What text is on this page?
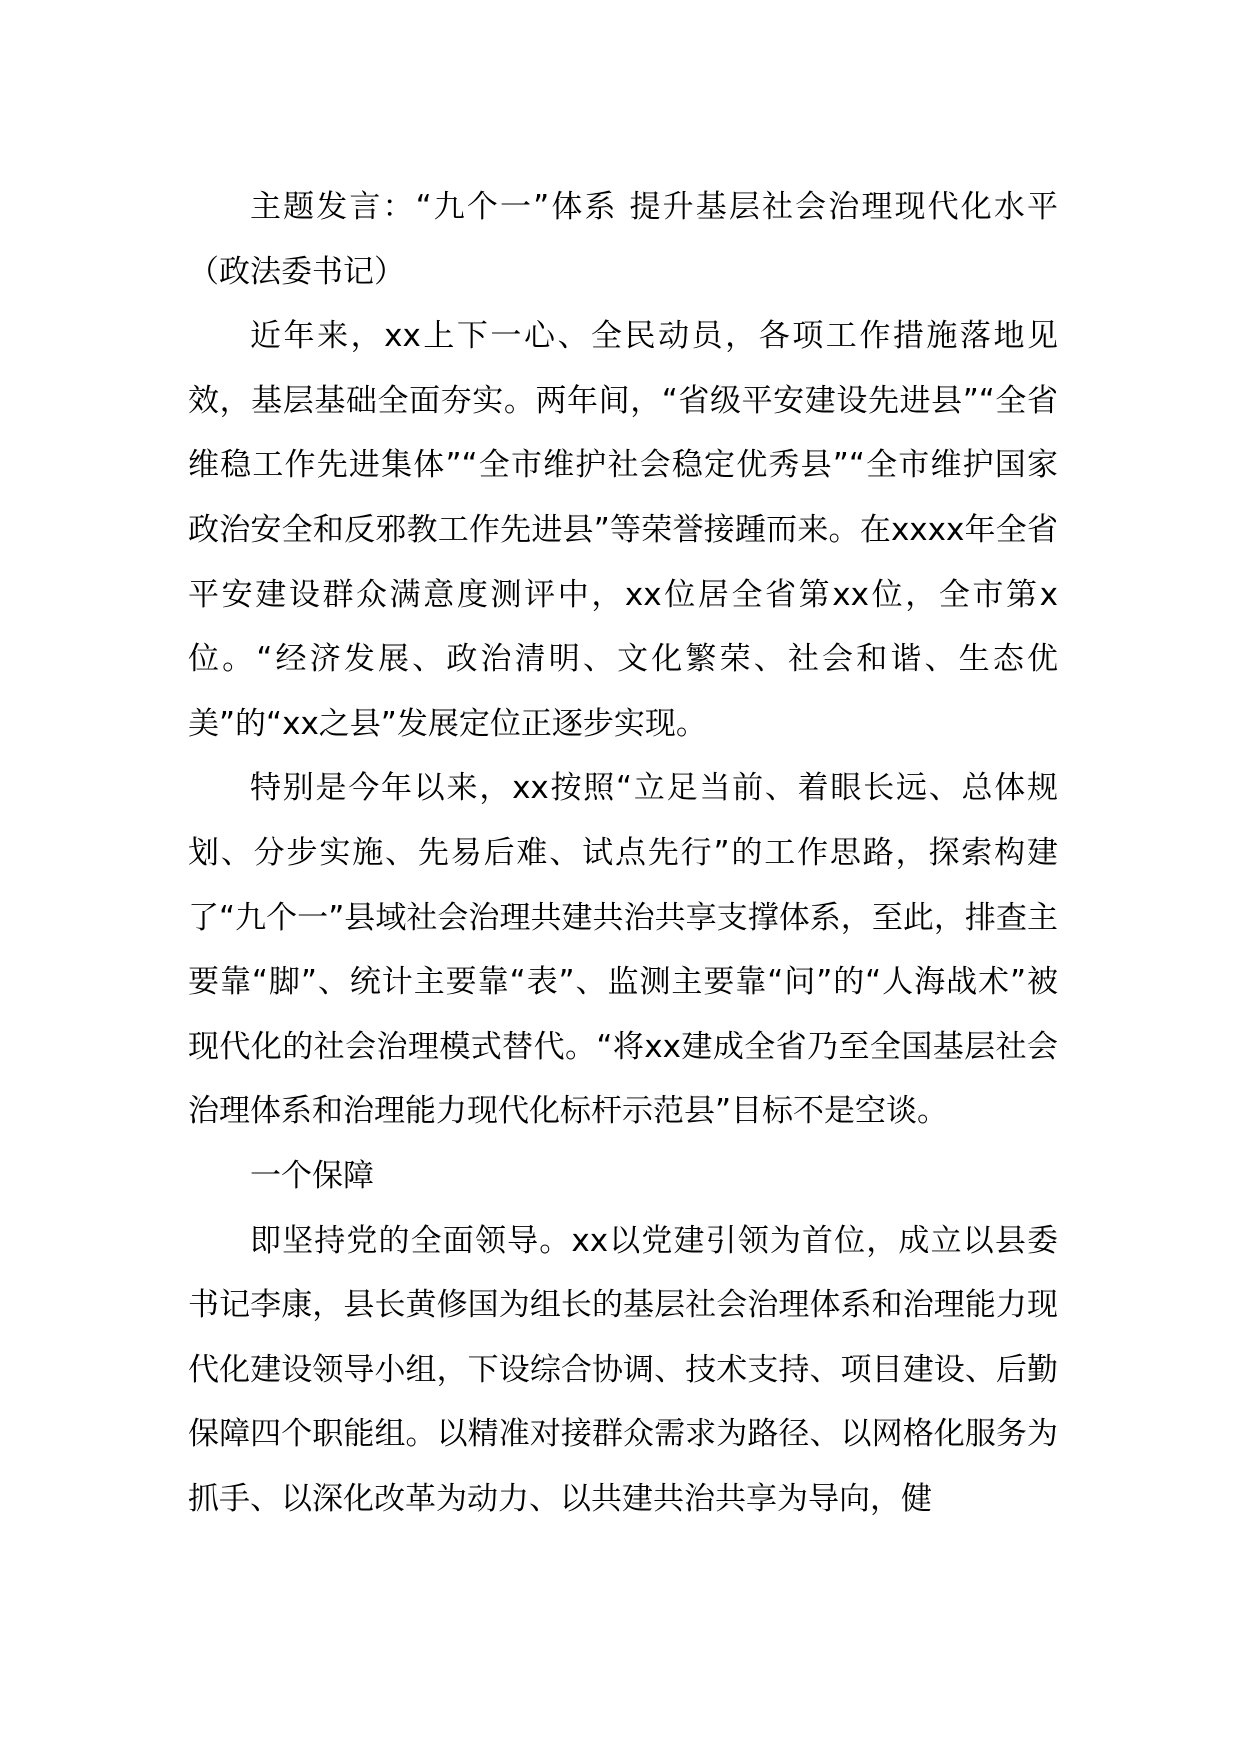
主题发言：“九个一”体系 提升基层社会治理现代化水平（政法委书记）

近年来，xx上下一心、全民动员，各项工作措施落地见效，基层基础全面夯实。两年间，“省级平安建设先进县”“全省维稳工作先进集体”“全市维护社会稳定优秀县”“全市维护国家政治安全和反邪教工作先进县”等荣誉接踵而来。在xxxx年全省平安建设群众满意度测评中，xx位居全省第xx位，全市第x位。“经济发展、政治清明、文化繁荣、社会和谐、生态优美”的“xx之县”发展定位正逐步实现。

特别是今年以来，xx按照“立足当前、着眼长远、总体规划、分步实施、先易后难、试点先行”的工作思路，探索构建了“九个一”县域社会治理共建共治共享支撑体系，至此，排查主要靠“脚”、统计主要靠“表”、监测主要靠“问”的“人海战术”被现代化的社会治理模式替代。“将xx建成全省乃至全国基层社会治理体系和治理能力现代化标杆示范县”目标不是空谈。

一个保障

即坚持党的全面领导。xx以党建引领为首位，成立以县委书记李康，县长黄修国为组长的基层社会治理体系和治理能力现代化建设领导小组，下设综合协调、技术支持、项目建设、后勤保障四个职能组。以精准对接群众需求为路径、以网格化服务为抓手、以深化改革为动力、以共建共治共享为导向，健
